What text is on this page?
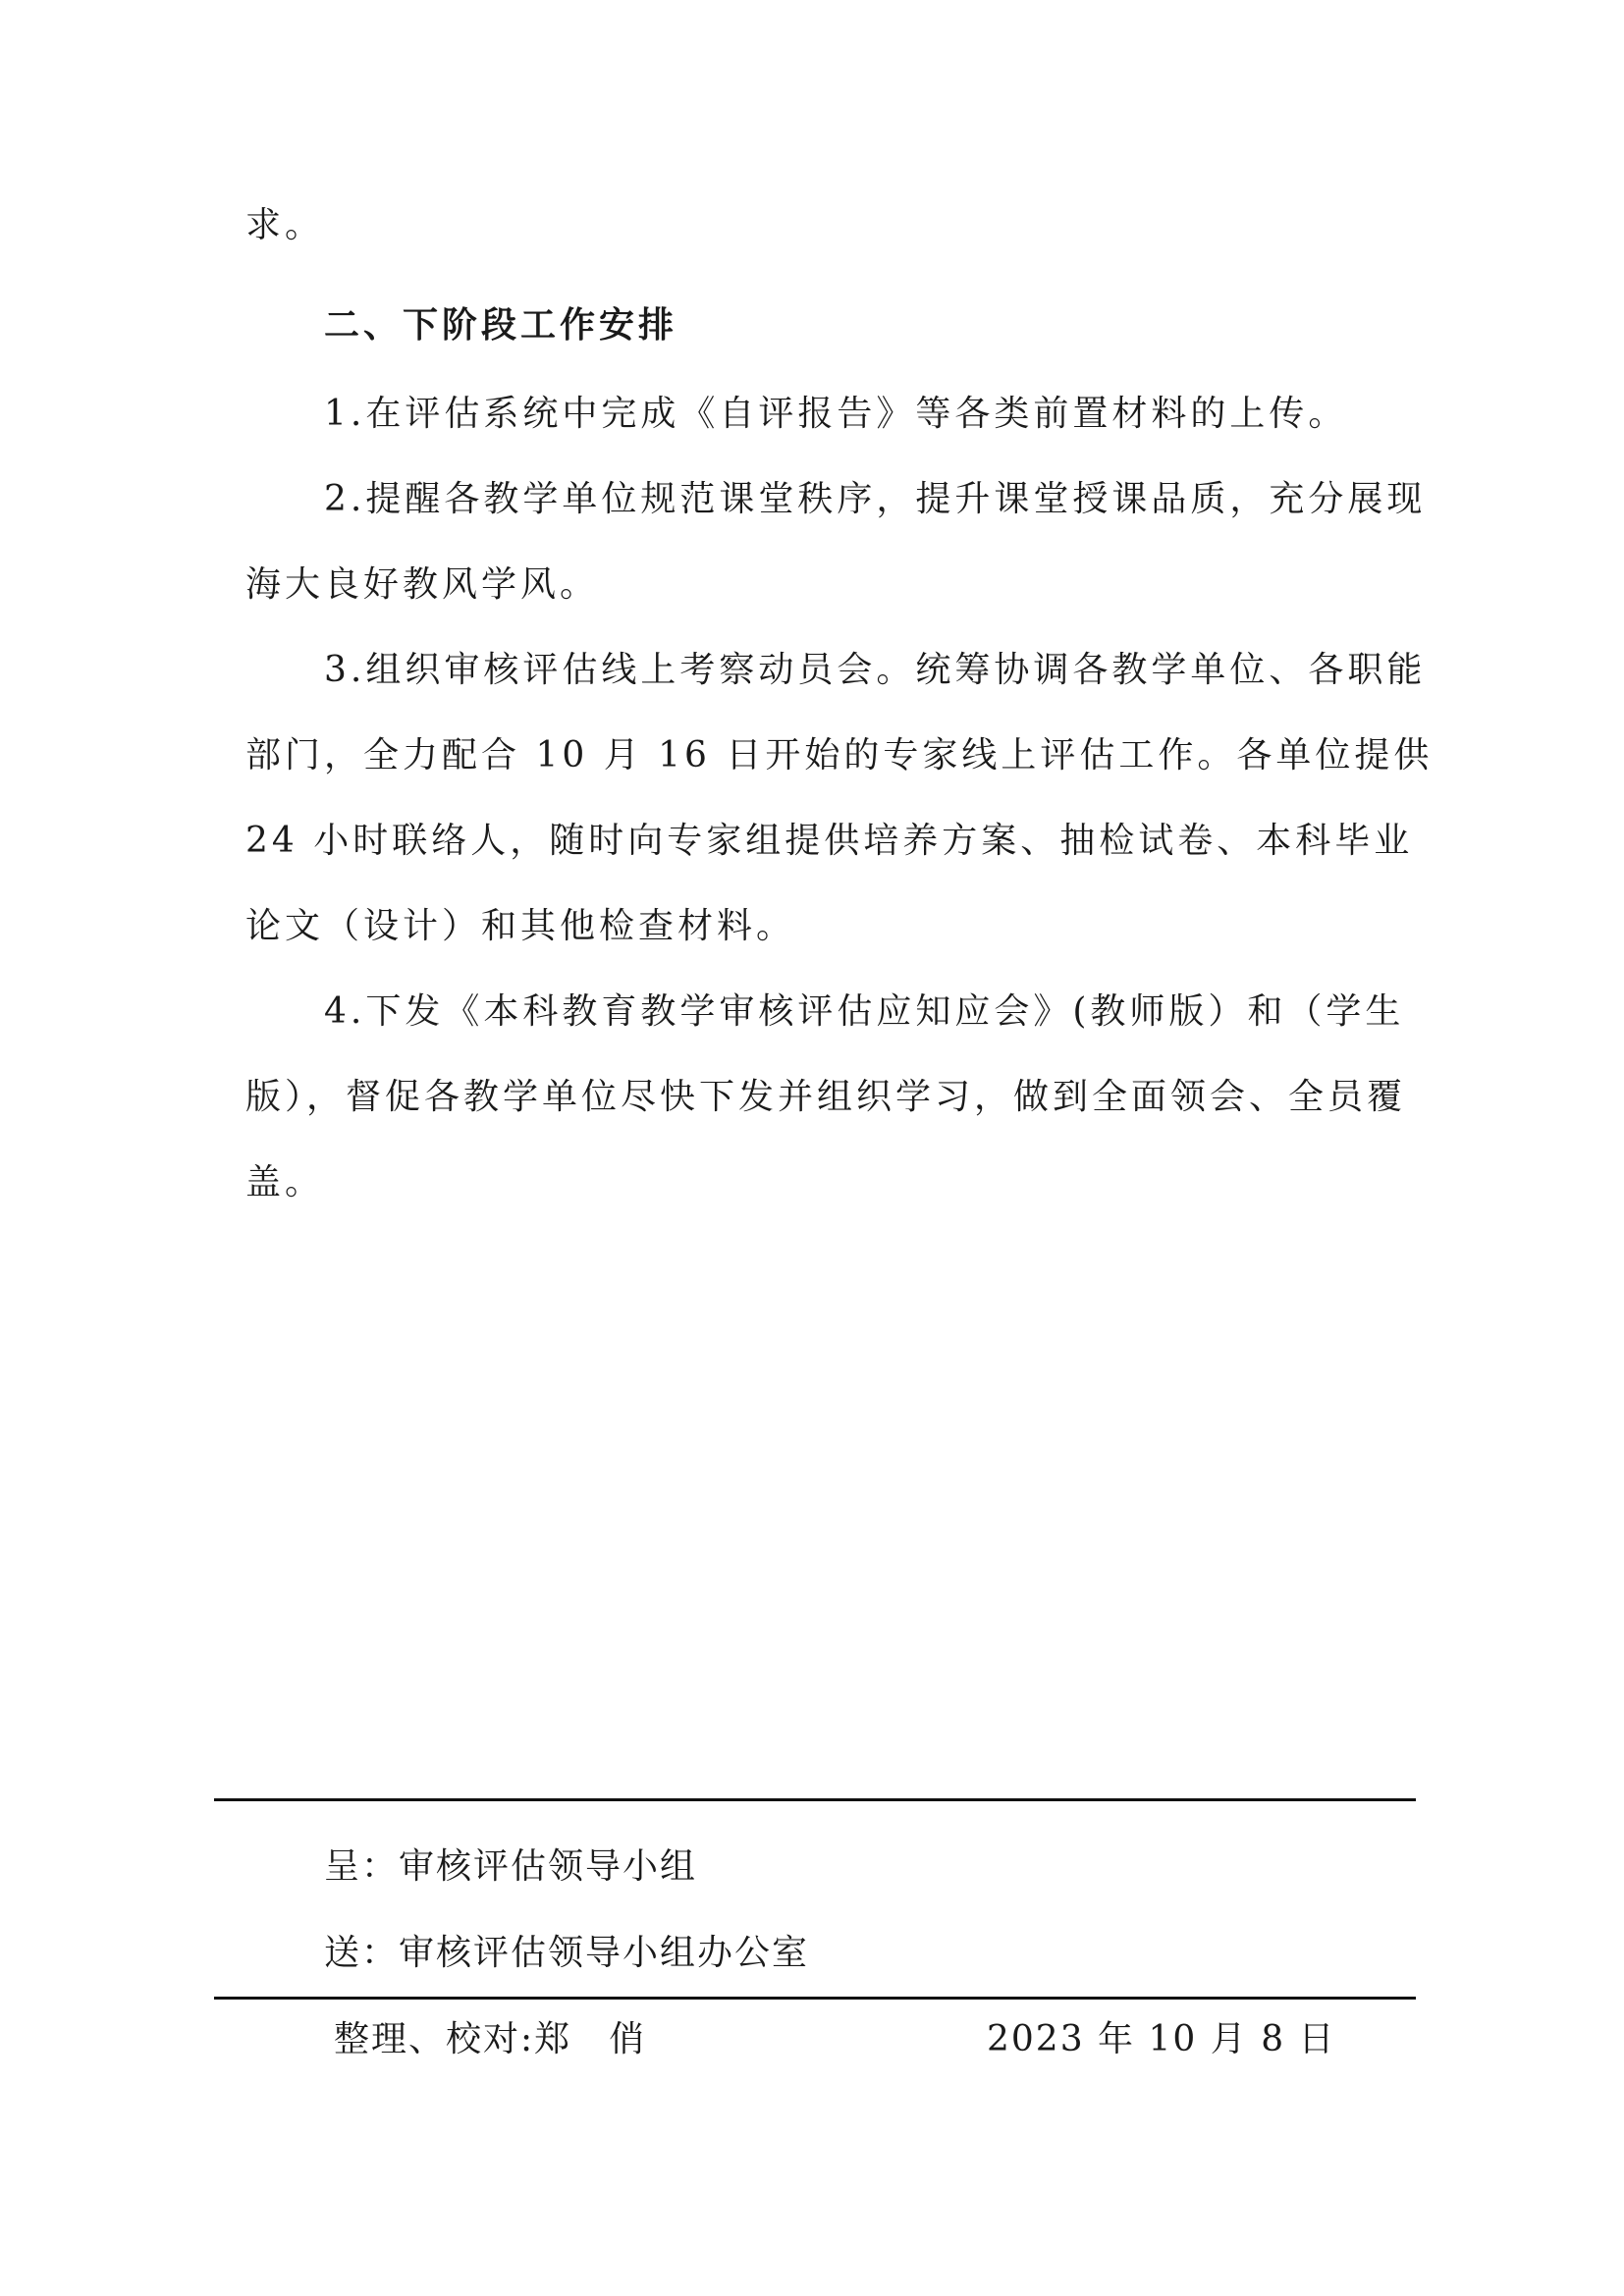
求。
二、下阶段工作安排
1.在评估系统中完成《自评报告》等各类前置材料的上传。
2.提醒各教学单位规范课堂秩序，提升课堂授课品质，充分展现
海大良好教风学风。
3.组织审核评估线上考察动员会。统筹协调各教学单位、各职能
部门，全力配合 10 月 16 日开始的专家线上评估工作。各单位提供
24 小时联络人，随时向专家组提供培养方案、抽检试卷、本科毕业
论文（设计）和其他检查材料。
4.下发《本科教育教学审核评估应知应会》(教师版）和（学生
版），督促各教学单位尽快下发并组织学习，做到全面领会、全员覆
盖。
呈：审核评估领导小组
送：审核评估领导小组办公室
整理、校对:郑　俏	2023 年 10 月 8 日
